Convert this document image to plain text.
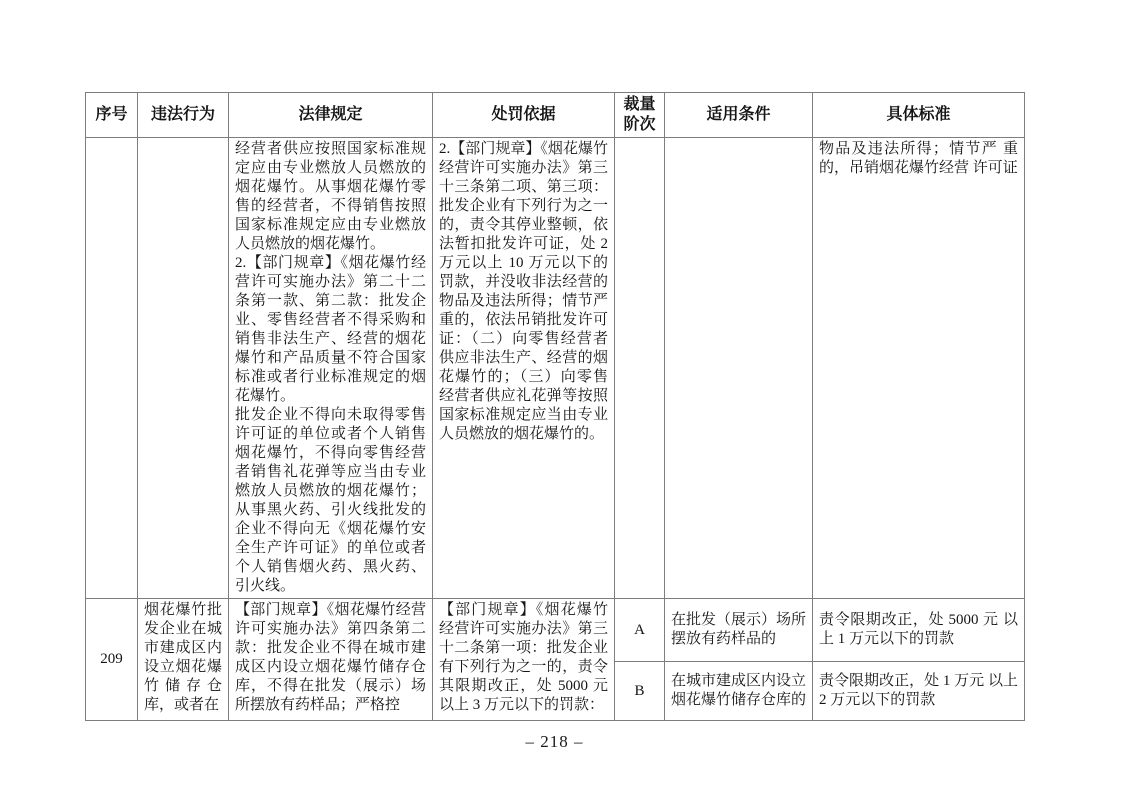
序号	违法行为	法律规定	处罚依据	裁量阶次	适用条件	具体标准

		经营者供应按照国家标准规定应由专业燃放人员燃放的烟花爆竹。从事烟花爆竹零售的经营者，不得销售按照国家标准规定应由专业燃放人员燃放的烟花爆竹。

2.【部门规章】《烟花爆竹经营许可实施办法》第二十二条第一款、第二款：批发企业、零售经营者不得采购和销售非法生产、经营的烟花爆竹和产品质量不符合国家标准或者行业标准规定的烟花爆竹。

批发企业不得向未取得零售许可证的单位或者个人销售烟花爆竹，不得向零售经营者销售礼花弹等应当由专业燃放人员燃放的烟花爆竹；从事黑火药、引火线批发的企业不得向无《烟花爆竹安全生产许可证》的单位或者个人销售烟火药、黑火药、引火线。	2.【部门规章】《烟花爆竹经营许可实施办法》第三十三条第二项、第三项：批发企业有下列行为之一的，责令其停业整顿，依法暂扣批发许可证，处 2 万元以上 10 万元以下的罚款，并没收非法经营的物品及违法所得；情节严重的，依法吊销批发许可证：（二）向零售经营者供应非法生产、经营的烟花爆竹的；（三）向零售经营者供应礼花弹等按照国家标准规定应当由专业人员燃放的烟花爆竹的。			物品及违法所得；情节严 重的，吊销烟花爆竹经营 许可证
209	烟花爆竹批发企业在城市建成区内设立烟花爆竹储存仓库，或者在	【部门规章】《烟花爆竹经营许可实施办法》第四条第二款：批发企业不得在城市建成区内设立烟花爆竹储存仓库，不得在批发（展示）场所摆放有药样品；严格控	【部门规章】《烟花爆竹经营许可实施办法》第三十二条第一项：批发企业有下列行为之一的，责令其限期改正，处 5000 元以上 3 万元以下的罚款：	A	在批发（展示）场所摆放有药样品的	责令限期改正，处 5000 元 以上 1 万元以下的罚款
				B	在城市建成区内设立烟花爆竹储存仓库的	责令限期改正，处 1 万元 以上 2 万元以下的罚款
– 218 –
